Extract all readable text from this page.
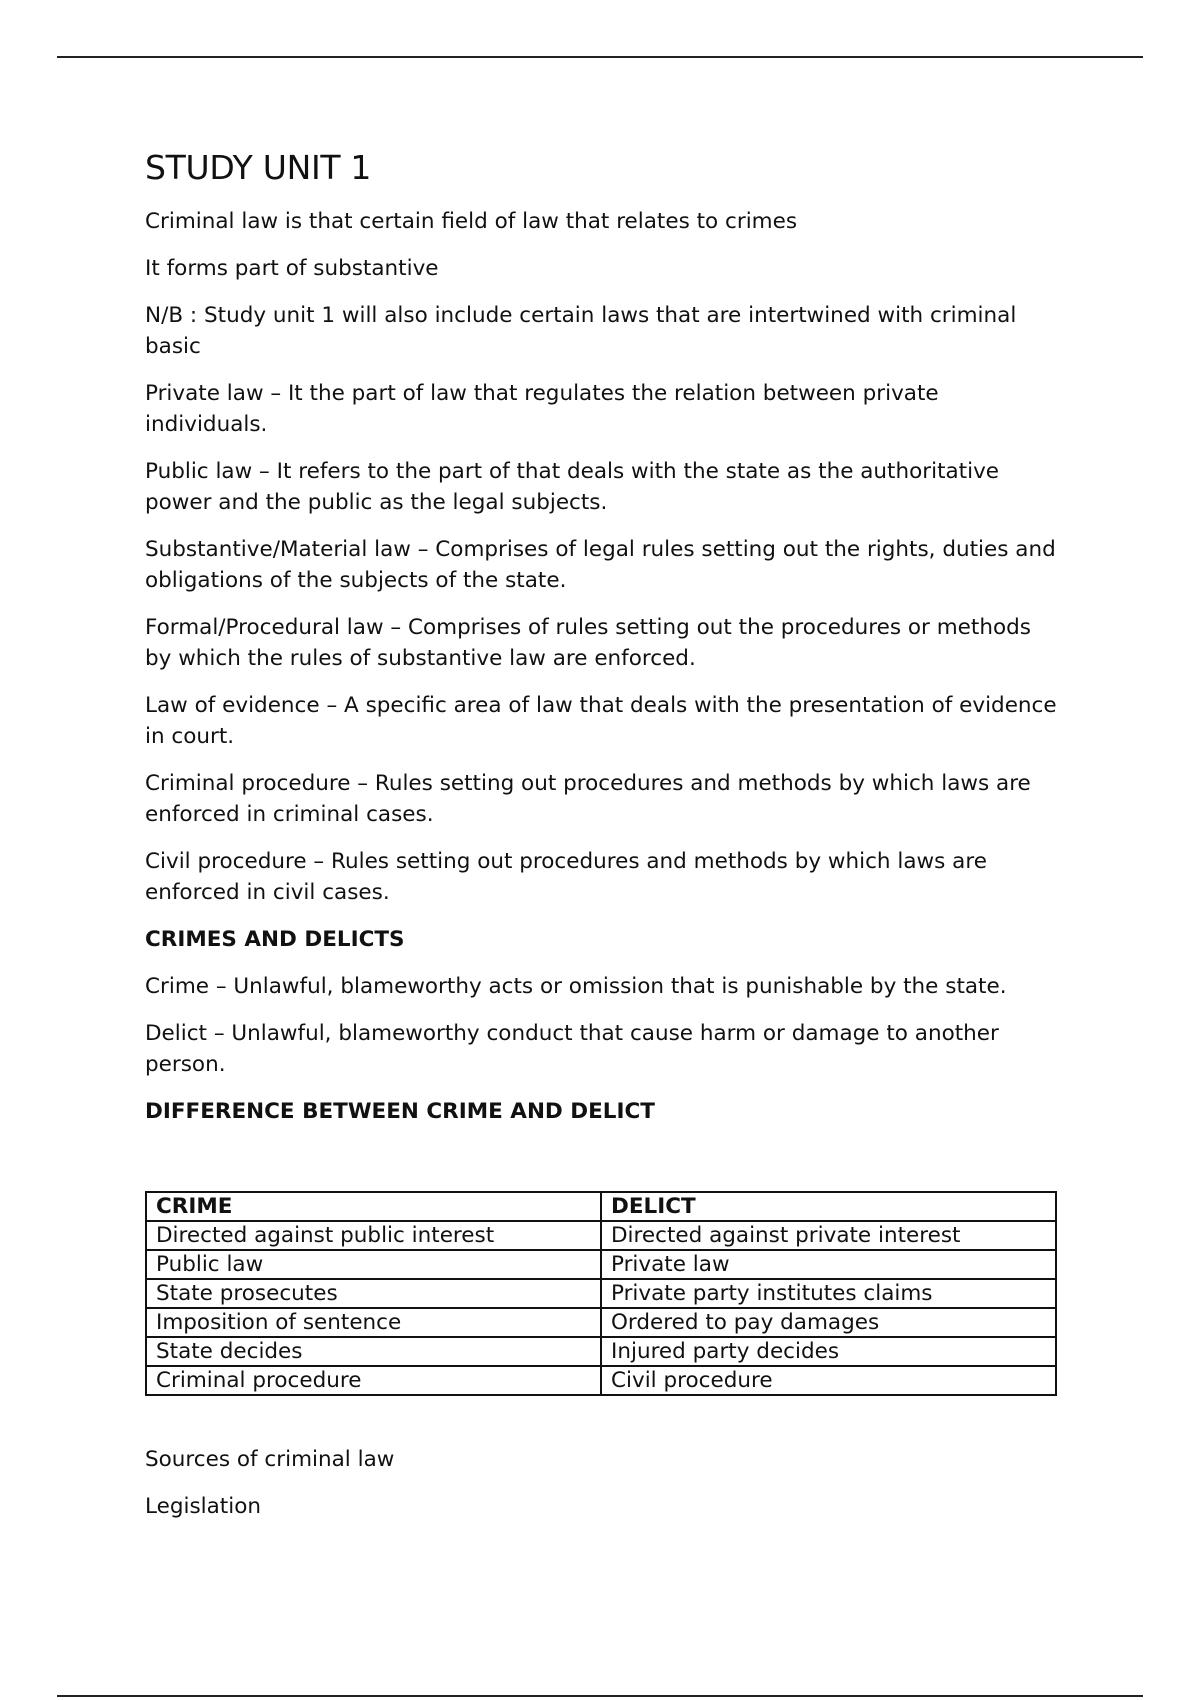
STUDY UNIT 1

Criminal law is that certain field of law that relates to crimes

It forms part of substantive

N/B : Study unit 1 will also include certain laws that are intertwined with criminal basic

Private law – It the part of law that regulates the relation between private individuals.

Public law – It refers to the part of that deals with the state as the authoritative power and the public as the legal subjects.

Substantive/Material law – Comprises of legal rules setting out the rights, duties and obligations of the subjects of the state.

Formal/Procedural law – Comprises of rules setting out the procedures or methods by which the rules of substantive law are enforced.

Law of evidence – A specific area of law that deals with the presentation of evidence in court.

Criminal procedure – Rules setting out procedures and methods by which laws are enforced in criminal cases.

Civil procedure – Rules setting out procedures and methods by which laws are enforced in civil cases.

CRIMES AND DELICTS

Crime – Unlawful, blameworthy acts or omission that is punishable by the state.

Delict – Unlawful, blameworthy conduct that cause harm or damage to another person.

DIFFERENCE BETWEEN CRIME AND DELICT

CRIME	DELICT
Directed against public interest	Directed against private interest
Public law	Private law
State prosecutes	Private party institutes claims
Imposition of sentence	Ordered to pay damages
State decides	Injured party decides
Criminal procedure	Civil procedure

Sources of criminal law

Legislation
